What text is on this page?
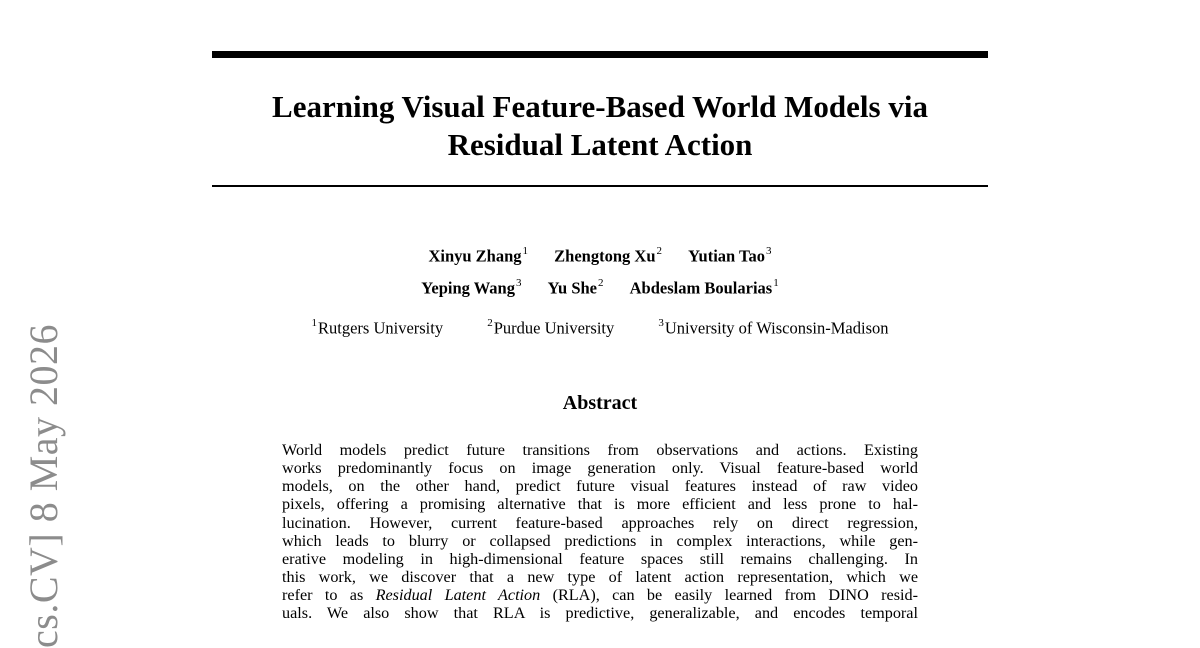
cs.CV] 8 May 2026
Learning Visual Feature-Based World Models via
Residual Latent Action
Xinyu Zhang$^1$ Zhengtong Xu$^2$ Yutian Tao$^3$
Yeping Wang$^3$ Yu She$^2$ Abdeslam Boularias$^1$
$^1$Rutgers University	$^2$Purdue University	$^3$University of Wisconsin-Madison
Abstract
World models predict future transitions from observations and actions. Existing
works predominantly focus on image generation only. Visual feature-based world
models, on the other hand, predict future visual features instead of raw video
pixels, offering a promising alternative that is more efficient and less prone to hal-
lucination. However, current feature-based approaches rely on direct regression,
which leads to blurry or collapsed predictions in complex interactions, while gen-
erative modeling in high-dimensional feature spaces still remains challenging. In
this work, we discover that a new type of latent action representation, which we
refer to as Residual Latent Action (RLA), can be easily learned from DINO resid-
uals. We also show that RLA is predictive, generalizable, and encodes temporal
